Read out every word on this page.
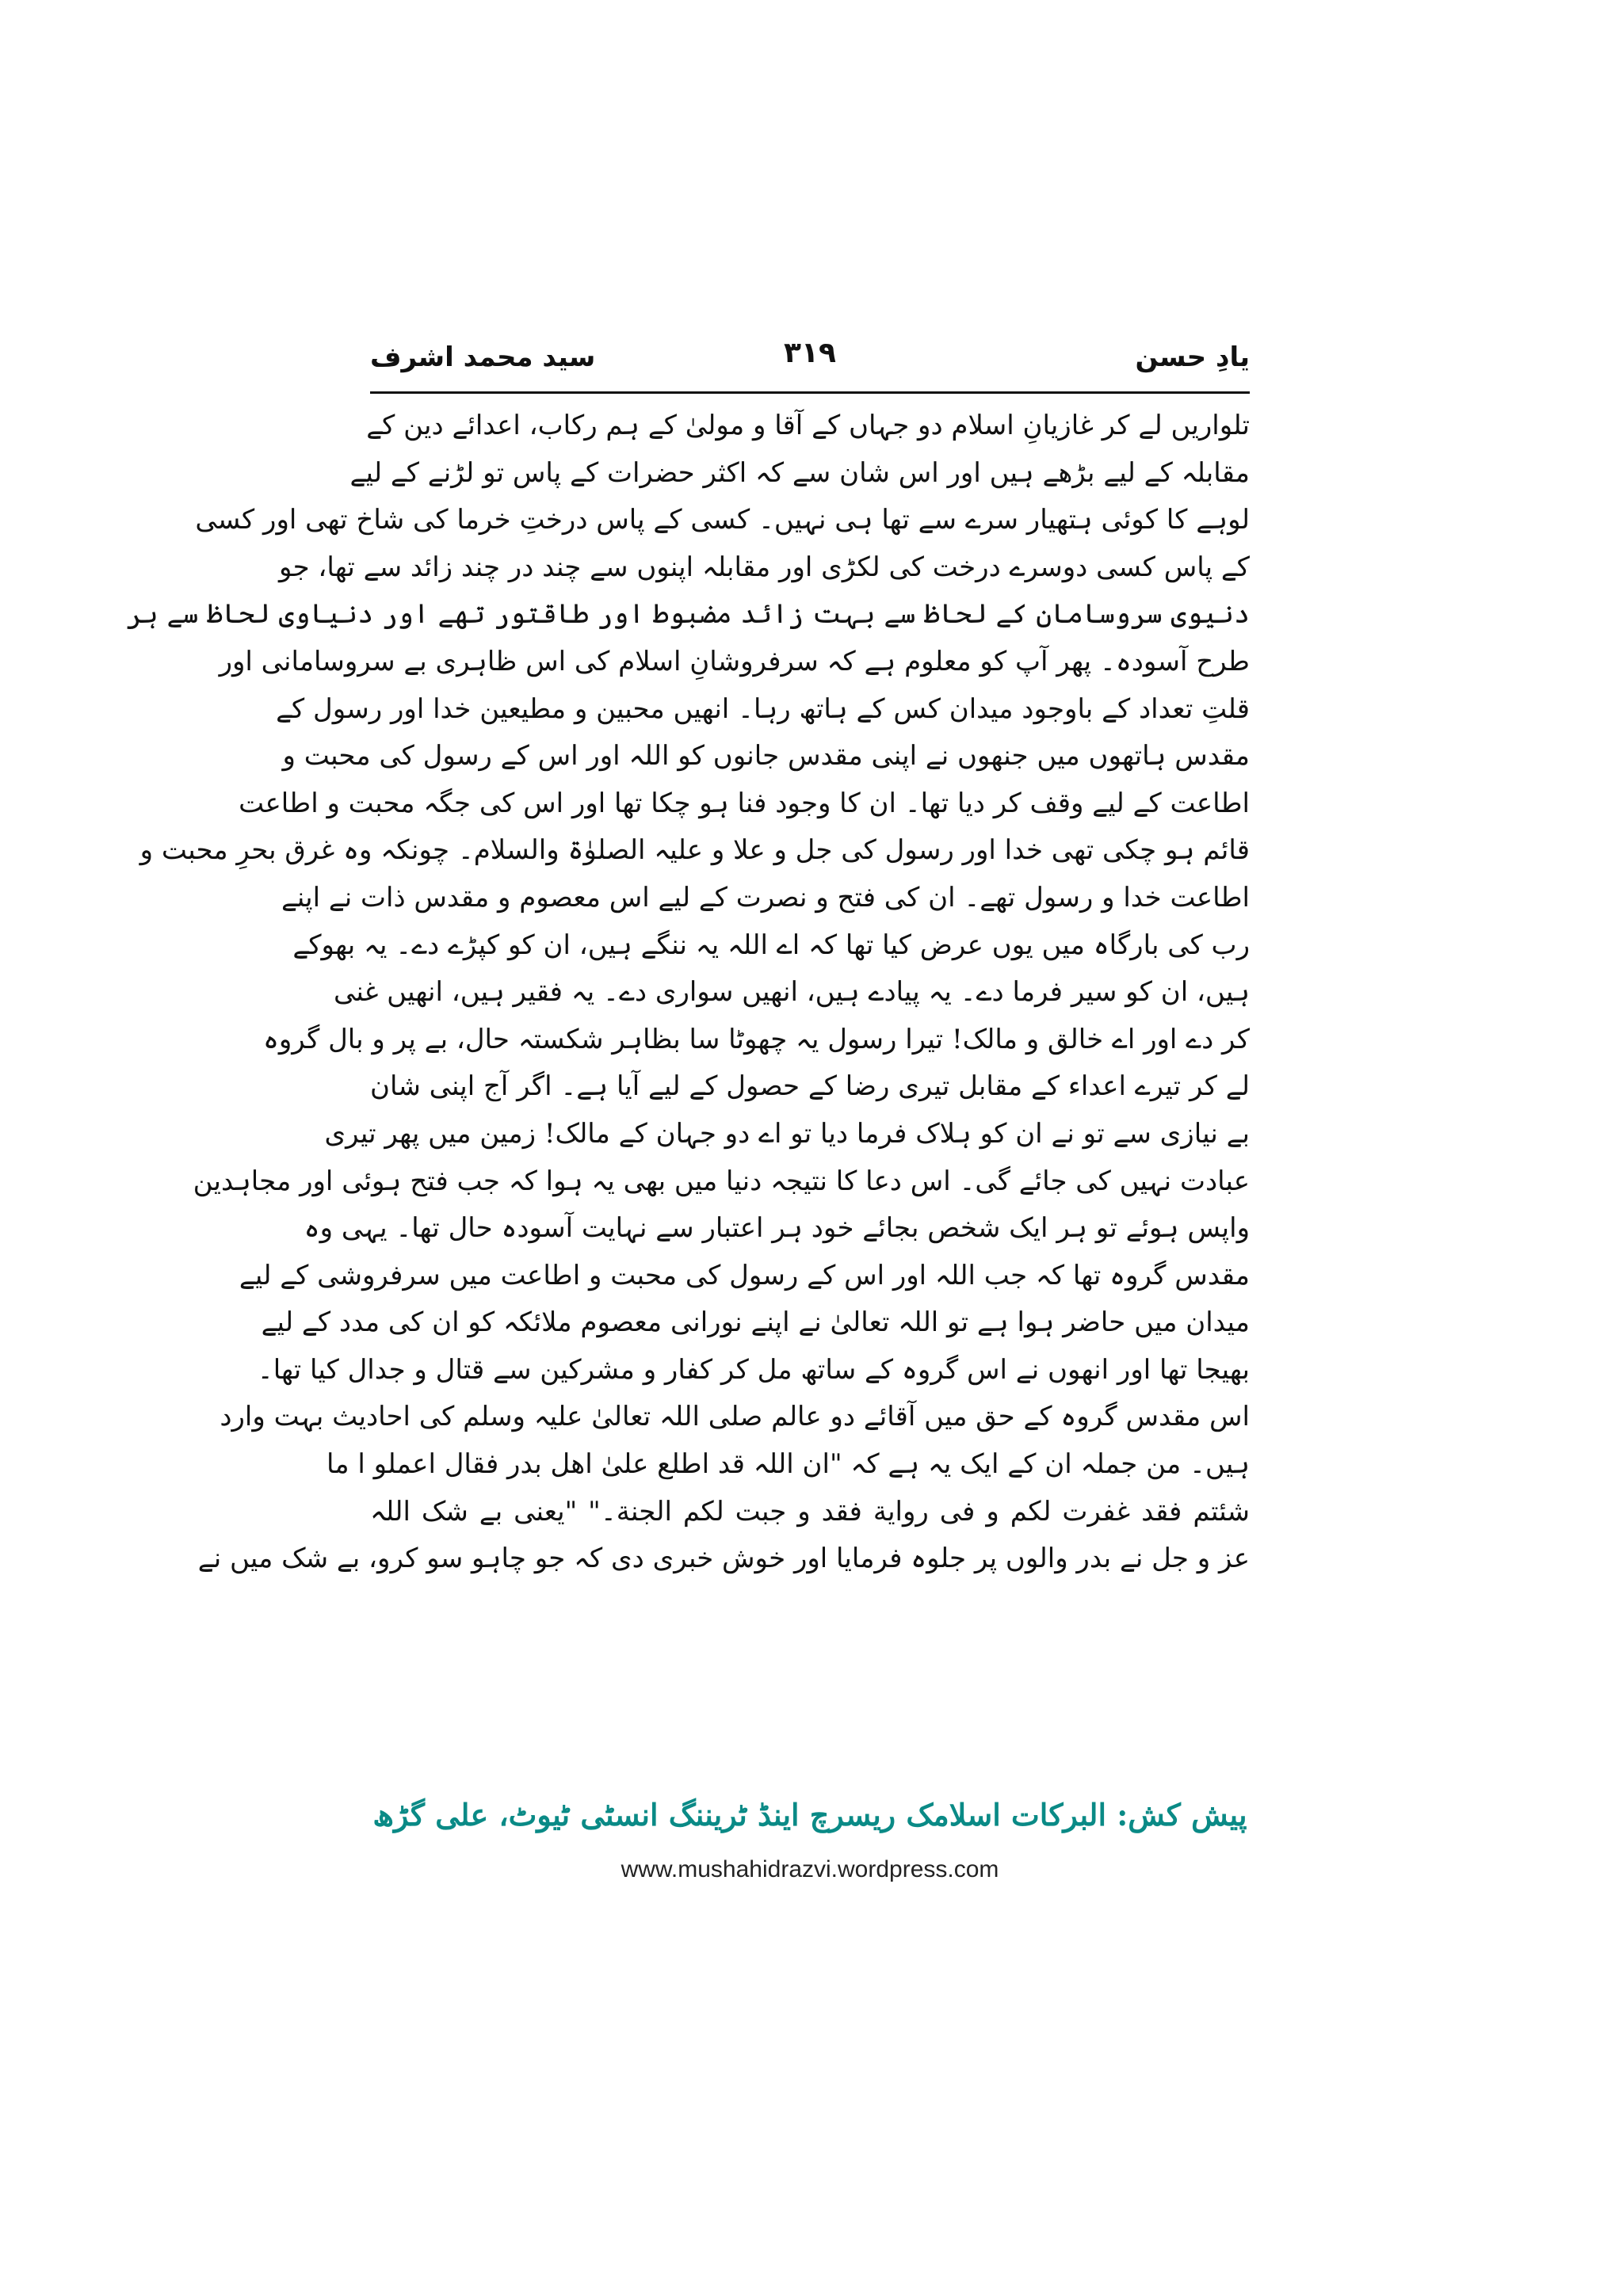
یادِ حسن
۳۱۹
سید محمد اشرف
تلواریں لے کر غازیانِ اسلام دو جہاں کے آقا و مولیٰ کے ہم رکاب، اعدائے دین کے
مقابلہ کے لیے بڑھے ہیں اور اس شان سے کہ اکثر حضرات کے پاس تو لڑنے کے لیے
لوہے کا کوئی ہتھیار سرے سے تھا ہی نہیں۔ کسی کے پاس درختِ خرما کی شاخ تھی اور کسی
کے پاس کسی دوسرے درخت کی لکڑی اور مقابلہ اپنوں سے چند در چند زائد سے تھا، جو
دنیوی سروسامان کے لحاظ سے بہت زائد مضبوط اور طاقتور تھے اور دنیاوی لحاظ سے ہر
طرح آسودہ۔ پھر آپ کو معلوم ہے کہ سرفروشانِ اسلام کی اس ظاہری بے سروسامانی اور
قلتِ تعداد کے باوجود میدان کس کے ہاتھ رہا۔ انھیں محبین و مطیعین خدا اور رسول کے
مقدس ہاتھوں میں جنھوں نے اپنی مقدس جانوں کو اللہ اور اس کے رسول کی محبت و
اطاعت کے لیے وقف کر دیا تھا۔ ان کا وجود فنا ہو چکا تھا اور اس کی جگہ محبت و اطاعت
قائم ہو چکی تھی خدا اور رسول کی جل و علا و علیہ الصلوٰۃ والسلام۔ چونکہ وہ غرق بحرِ محبت و
اطاعت خدا و رسول تھے۔ ان کی فتح و نصرت کے لیے اس معصوم و مقدس ذات نے اپنے
رب کی بارگاہ میں یوں عرض کیا تھا کہ اے اللہ یہ ننگے ہیں، ان کو کپڑے دے۔ یہ بھوکے
ہیں، ان کو سیر فرما دے۔ یہ پیادے ہیں، انھیں سواری دے۔ یہ فقیر ہیں، انھیں غنی
کر دے اور اے خالق و مالک! تیرا رسول یہ چھوٹا سا بظاہر شکستہ حال، بے پر و بال گروہ
لے کر تیرے اعداء کے مقابل تیری رضا کے حصول کے لیے آیا ہے۔ اگر آج اپنی شان
بے نیازی سے تو نے ان کو ہلاک فرما دیا تو اے دو جہان کے مالک! زمین میں پھر تیری
عبادت نہیں کی جائے گی۔ اس دعا کا نتیجہ دنیا میں بھی یہ ہوا کہ جب فتح ہوئی اور مجاہدین
واپس ہوئے تو ہر ایک شخص بجائے خود ہر اعتبار سے نہایت آسودہ حال تھا۔ یہی وہ
مقدس گروہ تھا کہ جب اللہ اور اس کے رسول کی محبت و اطاعت میں سرفروشی کے لیے
میدان میں حاضر ہوا ہے تو اللہ تعالیٰ نے اپنے نورانی معصوم ملائکہ کو ان کی مدد کے لیے
بھیجا تھا اور انھوں نے اس گروہ کے ساتھ مل کر کفار و مشرکین سے قتال و جدال کیا تھا۔
اس مقدس گروہ کے حق میں آقائے دو عالم صلی اللہ تعالیٰ علیہ وسلم کی احادیث بہت وارد
ہیں۔ من جملہ ان کے ایک یہ ہے کہ "ان اللہ قد اطلع علیٰ اهل بدر فقال اعملو ا ما
شئتم فقد غفرت لکم و فی روایة فقد و جبت لکم الجنة۔" "یعنی بے شک اللہ
عز و جل نے بدر والوں پر جلوہ فرمایا اور خوش خبری دی کہ جو چاہو سو کرو، بے شک میں نے
پیش کش: البرکات اسلامک ریسرچ اینڈ ٹریننگ انسٹی ٹیوٹ، علی گڑھ
www.mushahidrazvi.wordpress.com
